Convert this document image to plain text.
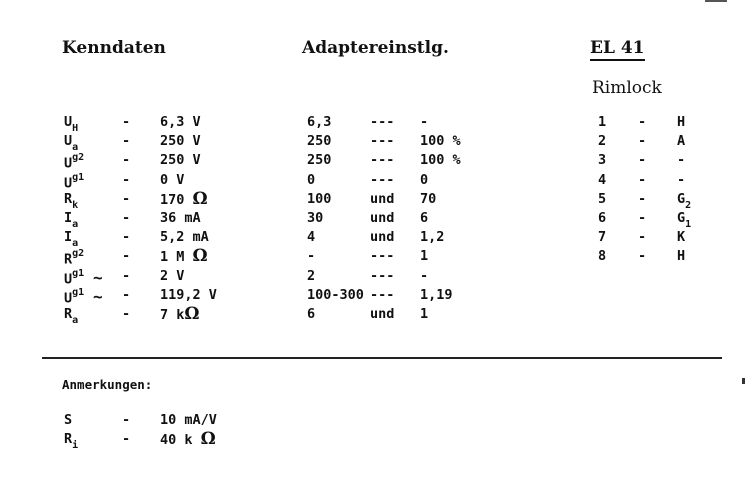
Kenndaten	Adaptereinstlg.	EL 41
Rimlock
$U_H$	- 6,3 V
$U_a$	- 250 V
$U^{g2}$	- 250 V
$U^{g1}$	- 0 V
$R_k$	- 170 Ω
$I_a$	- 36 mA
$I_a$	- 5,2 mA
$R^{g2}$	- 1 M Ω
$U^{g1}$ ~ - 2 V
$U^{g1}$ ~ - 119,2 V
$R_a$	- 7 kΩ
6,3	--- -
250	--- 100 %
250	--- 100 %
0	--- 0
100	und 70
30	und 6
4	und 1,2
-	--- 1
2	--- -
100-300 --- 1,19
6	und 1
1 - H
2 - A
3 - -
4 - -
$5 - G_2$
$6 - G_1$
7 - K
8 - H
Anmerkungen:
S	- 10 mA/V
$R_i$	- 40 k Ω
